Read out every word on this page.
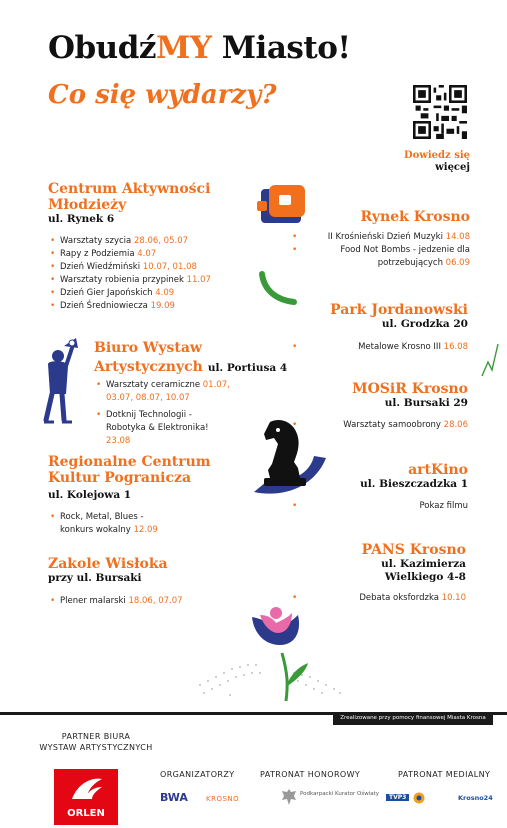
ObudźMY Miasto!
Co się wydarzy?
Dowiedz się
więcej
Centrum Aktywności Młodzieży
ul. Rynek 6
• Warsztaty szycia 28.06, 05.07
• Rapy z Podziemia 4.07
• Dzień Wiedźmiński 10.07, 01.08
• Warsztaty robienia przypinek 11.07
• Dzień Gier Japońskich 4.09
• Dzień Średniowiecza 19.09
Biuro Wystaw
Artystycznych ul. Portiusa 4
• Warsztaty ceramiczne 01.07, 03.07, 08.07, 10.07
• Dotknij Technologii - Robotyka & Elektronika! 23.08
Regionalne Centrum
Kultur Pogranicza
ul. Kolejowa 1
• Rock, Metal, Blues - konkurs wokalny 12.09
Zakole Wisłoka
przy ul. Bursaki
• Plener malarski 18.06, 07.07
Rynek Krosno
• II Krośnieński Dzień Muzyki 14.08
• Food Not Bombs - jedzenie dla potrzebujących 06.09
Park Jordanowski
ul. Grodzka 20
• Metalowe Krosno III 16.08
MOSiR Krosno
ul. Bursaki 29
• Warsztaty samoobrony 28.06
artKino
ul. Bieszczadzka 1
• Pokaz filmu
PANS Krosno
ul. Kazimierza
Wielkiego 4-8
• Debata oksfordzka 10.10
Zrealizowane przy pomocy finansowej Miasta Krosna
PARTNER BIURA
WYSTAW ARTYSTYCZNYCH
ORLEN
ORGANIZATORZY	PATRONAT HONOROWY	PATRONAT MEDIALNY
BWA	KROSNO
Podkarpacki Kurator Oświaty	TVP3	Krosno24
